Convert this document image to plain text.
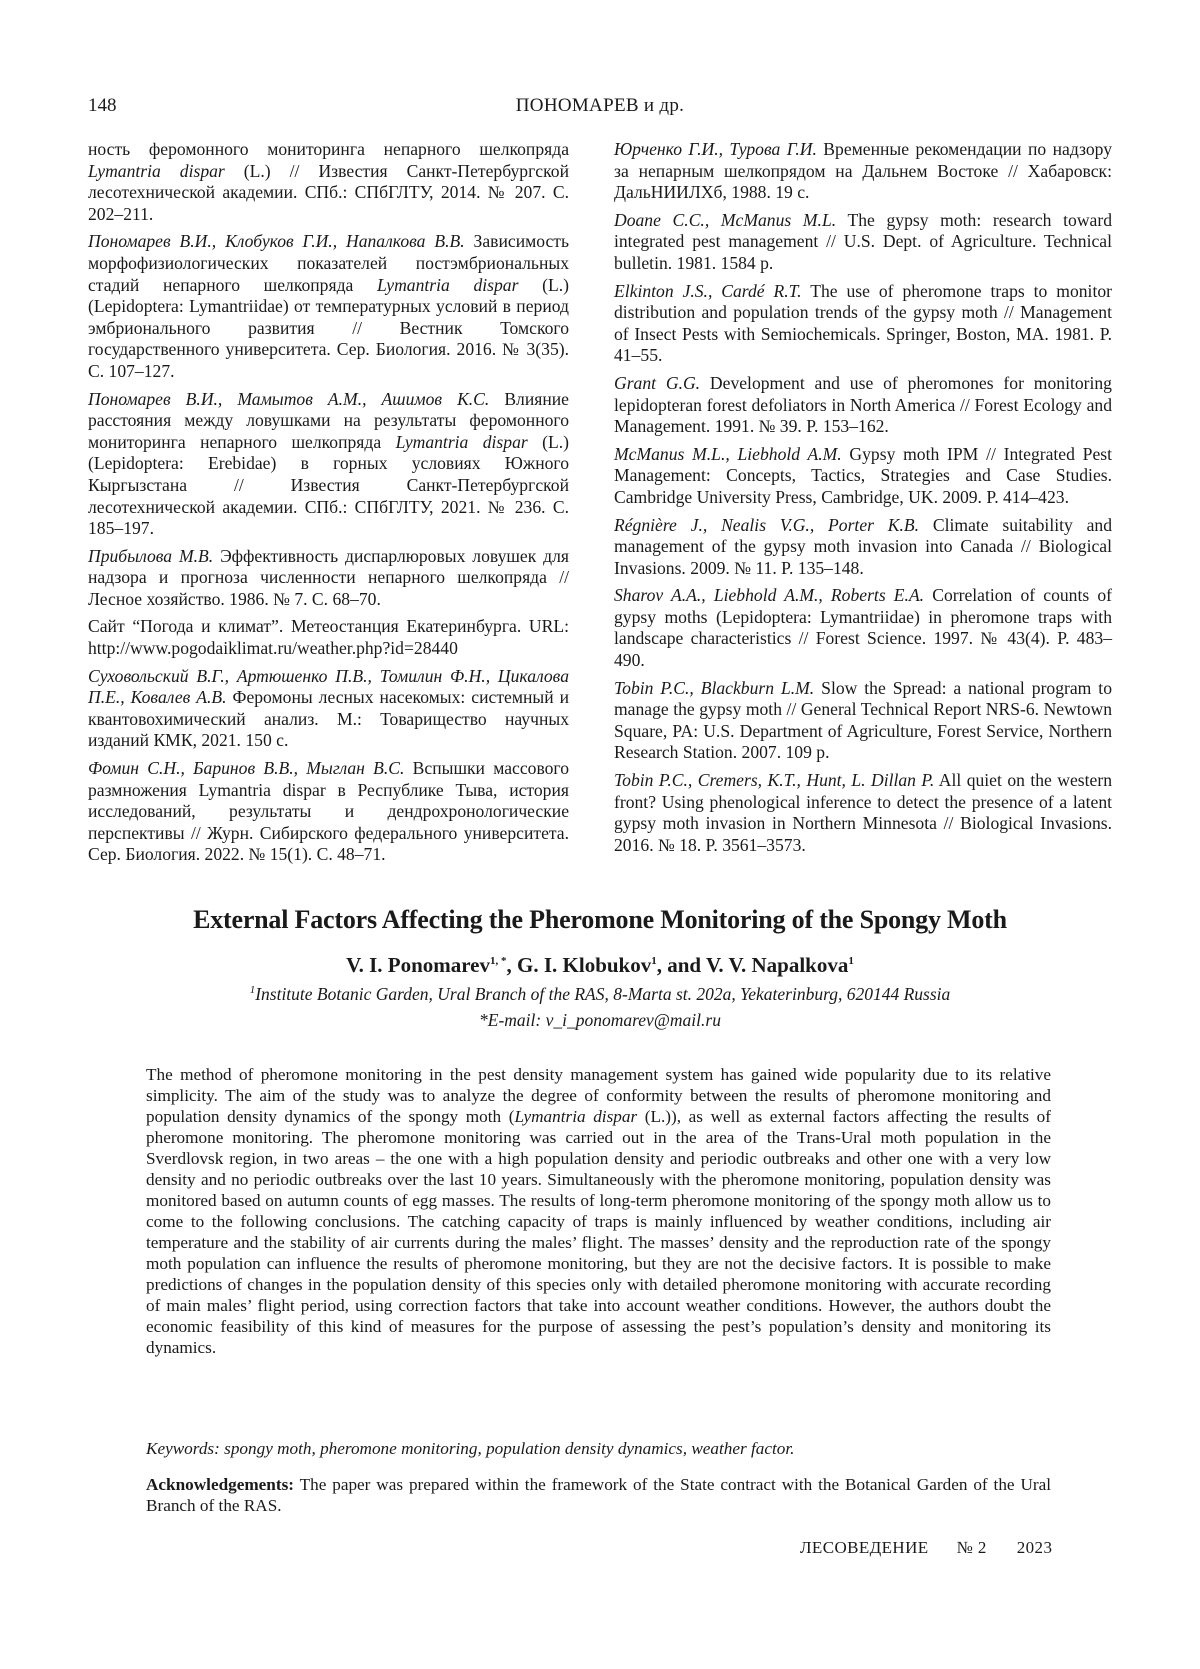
148	ПОНОМАРЕВ и др.

ность феромонного мониторинга непарного шелкопряда Lymantria dispar (L.) // Известия Санкт-Петербургской лесотехнической академии. СПб.: СПбГЛТУ, 2014. № 207. С. 202–211.

Пономарев В.И., Клобуков Г.И., Напалкова В.В. Зависимость морфофизиологических показателей постэмбриональных стадий непарного шелкопряда Lymantria dispar (L.) (Lepidoptera: Lymantriidae) от температурных условий в период эмбрионального развития // Вестник Томского государственного университета. Сер. Биология. 2016. № 3(35). С. 107–127.

Пономарев В.И., Мамытов А.М., Ашимов К.С. Влияние расстояния между ловушками на результаты феромонного мониторинга непарного шелкопряда Lymantria dispar (L.) (Lepidoptera: Erebidae) в горных условиях Южного Кыргызстана // Известия Санкт-Петербургской лесотехнической академии. СПб.: СПбГЛТУ, 2021. № 236. С. 185–197.

Прибылова М.В. Эффективность диспарлюровых ловушек для надзора и прогноза численности непарного шелкопряда // Лесное хозяйство. 1986. № 7. С. 68–70.

Сайт “Погода и климат”. Метеостанция Екатеринбурга. URL: http://www.pogodaiklimat.ru/weather.php?id=28440

Суховольский В.Г., Артюшенко П.В., Томилин Ф.Н., Цикалова П.Е., Ковалев А.В. Феромоны лесных насекомых: системный и квантовохимический анализ. М.: Товарищество научных изданий КМК, 2021. 150 с.

Фомин С.Н., Баринов В.В., Мыглан В.С. Вспышки массового размножения Lymantria dispar в Республике Тыва, история исследований, результаты и дендрохронологические перспективы // Журн. Сибирского федерального университета. Сер. Биология. 2022. № 15(1). С. 48–71.

Юрченко Г.И., Турова Г.И. Временные рекомендации по надзору за непарным шелкопрядом на Дальнем Востоке // Хабаровск: ДальНИИЛХб, 1988. 19 с.

Doane C.C., McManus M.L. The gypsy moth: research toward integrated pest management // U.S. Dept. of Agriculture. Technical bulletin. 1981. 1584 p.

Elkinton J.S., Cardé R.T. The use of pheromone traps to monitor distribution and population trends of the gypsy moth // Management of Insect Pests with Semiochemicals. Springer, Boston, MA. 1981. P. 41–55.

Grant G.G. Development and use of pheromones for monitoring lepidopteran forest defoliators in North America // Forest Ecology and Management. 1991. № 39. P. 153–162.

McManus M.L., Liebhold A.M. Gypsy moth IPM // Integrated Pest Management: Concepts, Tactics, Strategies and Case Studies. Cambridge University Press, Cambridge, UK. 2009. P. 414–423.

Régnière J., Nealis V.G., Porter K.B. Climate suitability and management of the gypsy moth invasion into Canada // Biological Invasions. 2009. № 11. P. 135–148.

Sharov A.A., Liebhold A.M., Roberts E.A. Correlation of counts of gypsy moths (Lepidoptera: Lymantriidae) in pheromone traps with landscape characteristics // Forest Science. 1997. № 43(4). P. 483–490.

Tobin P.C., Blackburn L.M. Slow the Spread: a national program to manage the gypsy moth // General Technical Report NRS-6. Newtown Square, PA: U.S. Department of Agriculture, Forest Service, Northern Research Station. 2007. 109 p.

Tobin P.C., Cremers, K.T., Hunt, L. Dillan P. All quiet on the western front? Using phenological inference to detect the presence of a latent gypsy moth invasion in Northern Minnesota // Biological Invasions. 2016. № 18. P. 3561–3573.

External Factors Affecting the Pheromone Monitoring of the Spongy Moth
V. I. Ponomarev$^{1, *}$, G. I. Klobukov$^1$, and V. V. Napalkova$^1$
$^1$Institute Botanic Garden, Ural Branch of the RAS, 8-Marta st. 202a, Yekaterinburg, 620144 Russia
*E-mail: v_i_ponomarev@mail.ru
The method of pheromone monitoring in the pest density management system has gained wide popularity due to its relative simplicity. The aim of the study was to analyze the degree of conformity between the results of pheromone monitoring and population density dynamics of the spongy moth (Lymantria dispar (L.)), as well as external factors affecting the results of pheromone monitoring. The pheromone monitoring was carried out in the area of the Trans-Ural moth population in the Sverdlovsk region, in two areas – the one with a high population density and periodic outbreaks and other one with a very low density and no periodic outbreaks over the last 10 years. Simultaneously with the pheromone monitoring, population density was monitored based on autumn counts of egg masses. The results of long-term pheromone monitoring of the spongy moth allow us to come to the following conclusions. The catching capacity of traps is mainly influenced by weather conditions, including air temperature and the stability of air currents during the males’ flight. The masses’ density and the reproduction rate of the spongy moth population can influence the results of pheromone monitoring, but they are not the decisive factors. It is possible to make predictions of changes in the population density of this species only with detailed pheromone monitoring with accurate recording of main males’ flight period, using correction factors that take into account weather conditions. However, the authors doubt the economic feasibility of this kind of measures for the purpose of assessing the pest’s population’s density and monitoring its dynamics.
Keywords: spongy moth, pheromone monitoring, population density dynamics, weather factor.
Acknowledgements: The paper was prepared within the framework of the State contract with the Botanical Garden of the Ural Branch of the RAS.
ЛЕСОВЕДЕНИЕ № 2 2023
